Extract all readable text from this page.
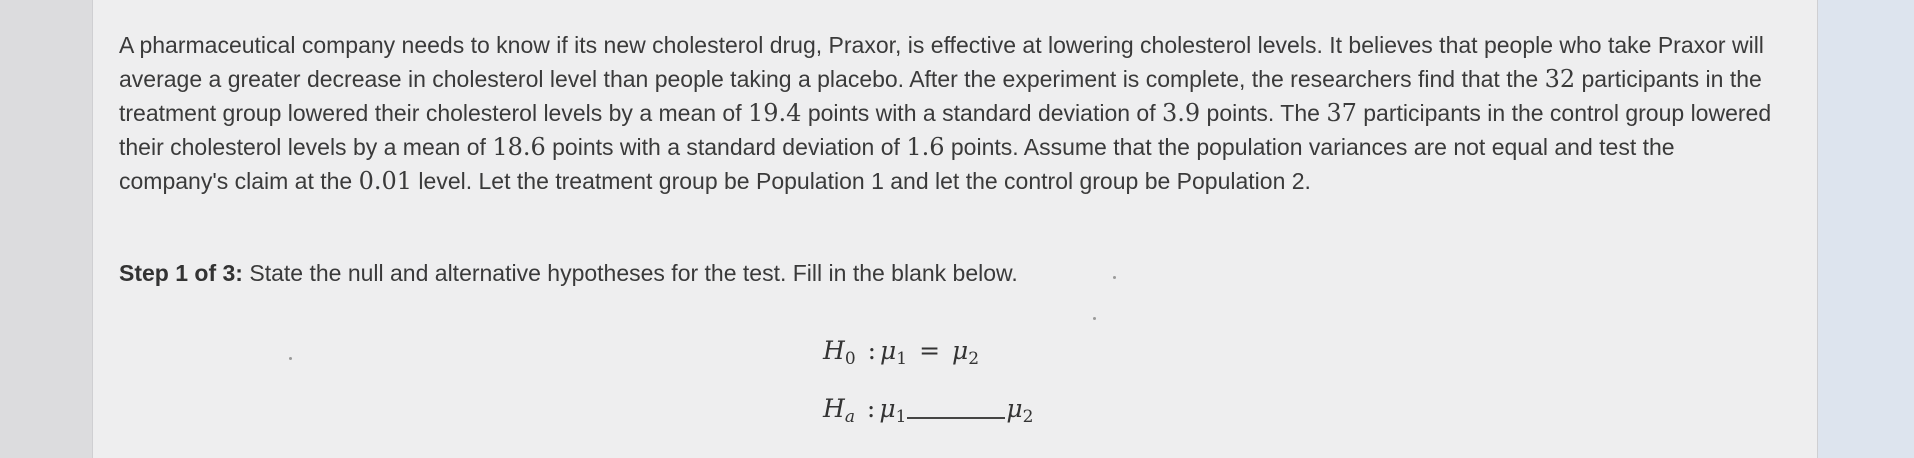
A pharmaceutical company needs to know if its new cholesterol drug, Praxor, is effective at lowering cholesterol levels. It believes that people who take Praxor will average a greater decrease in cholesterol level than people taking a placebo. After the experiment is complete, the researchers find that the 32 participants in the treatment group lowered their cholesterol levels by a mean of 19.4 points with a standard deviation of 3.9 points. The 37 participants in the control group lowered their cholesterol levels by a mean of 18.6 points with a standard deviation of 1.6 points. Assume that the population variances are not equal and test the company's claim at the 0.01 level. Let the treatment group be Population 1 and let the control group be Population 2.

Step 1 of 3: State the null and alternative hypotheses for the test. Fill in the blank below.
$H_0$ : $\mu_1 = \mu_2$
$H_a$ : $\mu_1$	$\mu_2$
